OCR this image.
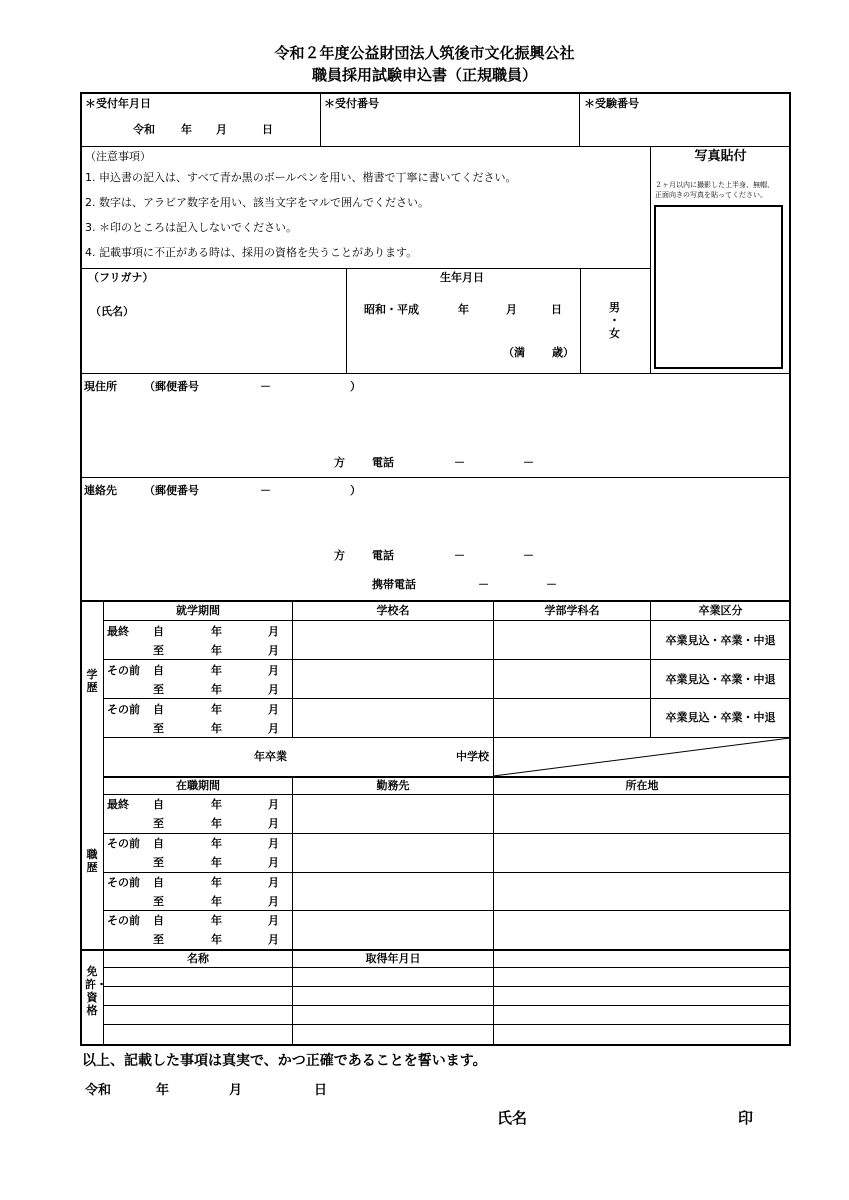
令和２年度公益財団法人筑後市文化振興公社
職員採用試験申込書（正規職員）
＊受付年月日
令和 年 月	日
＊受付番号	＊受験番号
（注意事項）
1. 申込書の記入は、すべて青か黒のボールペンを用い、楷書で丁寧に書いてください。
2. 数字は、アラビア数字を用い、該当文字をマルで囲んでください。
3. ＊印のところは記入しないでください。
4. 記載事項に不正がある時は、採用の資格を失うことがあります。
写真貼付
２ヶ月以内に撮影した上半身、無帽、
正面向きの写真を貼ってください。
（フリガナ）
（氏名）
生年月日
昭和・平成	年	月	日
（満 歳）
男
・
女
現住所 （郵便番号	－	）
方 電話	－	－
連絡先 （郵便番号	－	）
方 電話	－	－
携帯電話	－	－
学歴
就学期間	学校名	学部学科名	卒業区分
最終 自	年	月
至	年	月
卒業見込・卒業・中退
その前 自	年	月
至	年	月
卒業見込・卒業・中退
その前 自	年	月
至	年	月
卒業見込・卒業・中退
年卒業	中学校
職歴
在職期間	勤務先	所在地
最終 自	年	月
至	年	月
その前 自	年	月
至	年	月
その前 自	年	月
至	年	月
その前 自	年	月
至	年	月
免許・資格
名称	取得年月日
以上、記載した事項は真実で、かつ正確であることを誓います。
令和	年	月	日
氏名	印
